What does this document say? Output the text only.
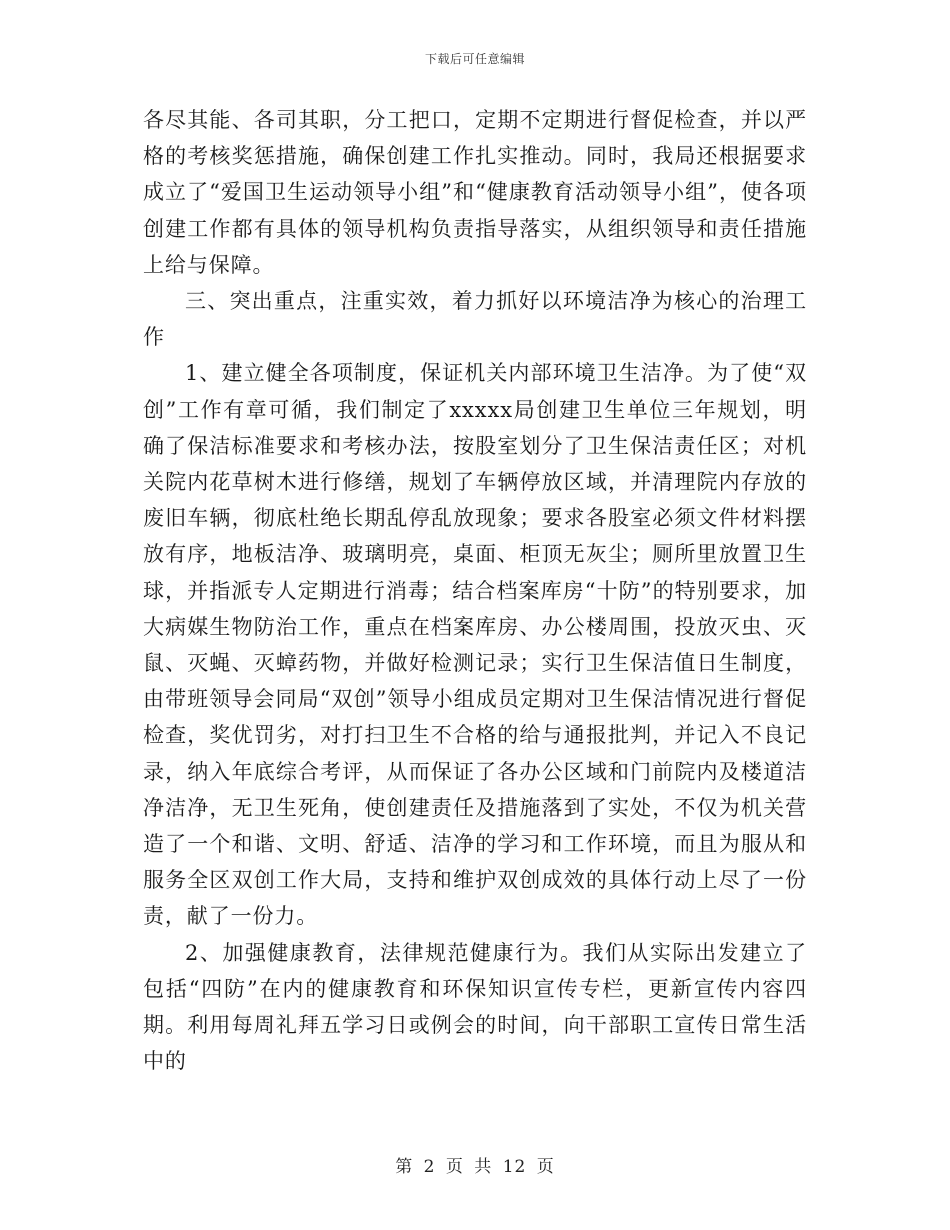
下载后可任意编辑

各尽其能、各司其职，分工把口，定期不定期进行督促检查，并以严格的考核奖惩措施，确保创建工作扎实推动。同时，我局还根据要求成立了“爱国卫生运动领导小组”和“健康教育活动领导小组”，使各项创建工作都有具体的领导机构负责指导落实，从组织领导和责任措施上给与保障。

三、突出重点，注重实效，着力抓好以环境洁净为核心的治理工作

1、建立健全各项制度，保证机关内部环境卫生洁净。为了使“双创”工作有章可循，我们制定了xxxxx局创建卫生单位三年规划，明确了保洁标准要求和考核办法，按股室划分了卫生保洁责任区；对机关院内花草树木进行修缮，规划了车辆停放区域，并清理院内存放的废旧车辆，彻底杜绝长期乱停乱放现象；要求各股室必须文件材料摆放有序，地板洁净、玻璃明亮，桌面、柜顶无灰尘；厕所里放置卫生球，并指派专人定期进行消毒；结合档案库房“十防”的特别要求，加大病媒生物防治工作，重点在档案库房、办公楼周围，投放灭虫、灭鼠、灭蝇、灭蟑药物，并做好检测记录；实行卫生保洁值日生制度，由带班领导会同局“双创”领导小组成员定期对卫生保洁情况进行督促检查，奖优罚劣，对打扫卫生不合格的给与通报批判，并记入不良记录，纳入年底综合考评，从而保证了各办公区域和门前院内及楼道洁净洁净，无卫生死角，使创建责任及措施落到了实处，不仅为机关营造了一个和谐、文明、舒适、洁净的学习和工作环境，而且为服从和服务全区双创工作大局，支持和维护双创成效的具体行动上尽了一份责，献了一份力。

2、加强健康教育，法律规范健康行为。我们从实际出发建立了包括“四防”在内的健康教育和环保知识宣传专栏，更新宣传内容四期。利用每周礼拜五学习日或例会的时间，向干部职工宣传日常生活中的

第 2 页 共 12 页
